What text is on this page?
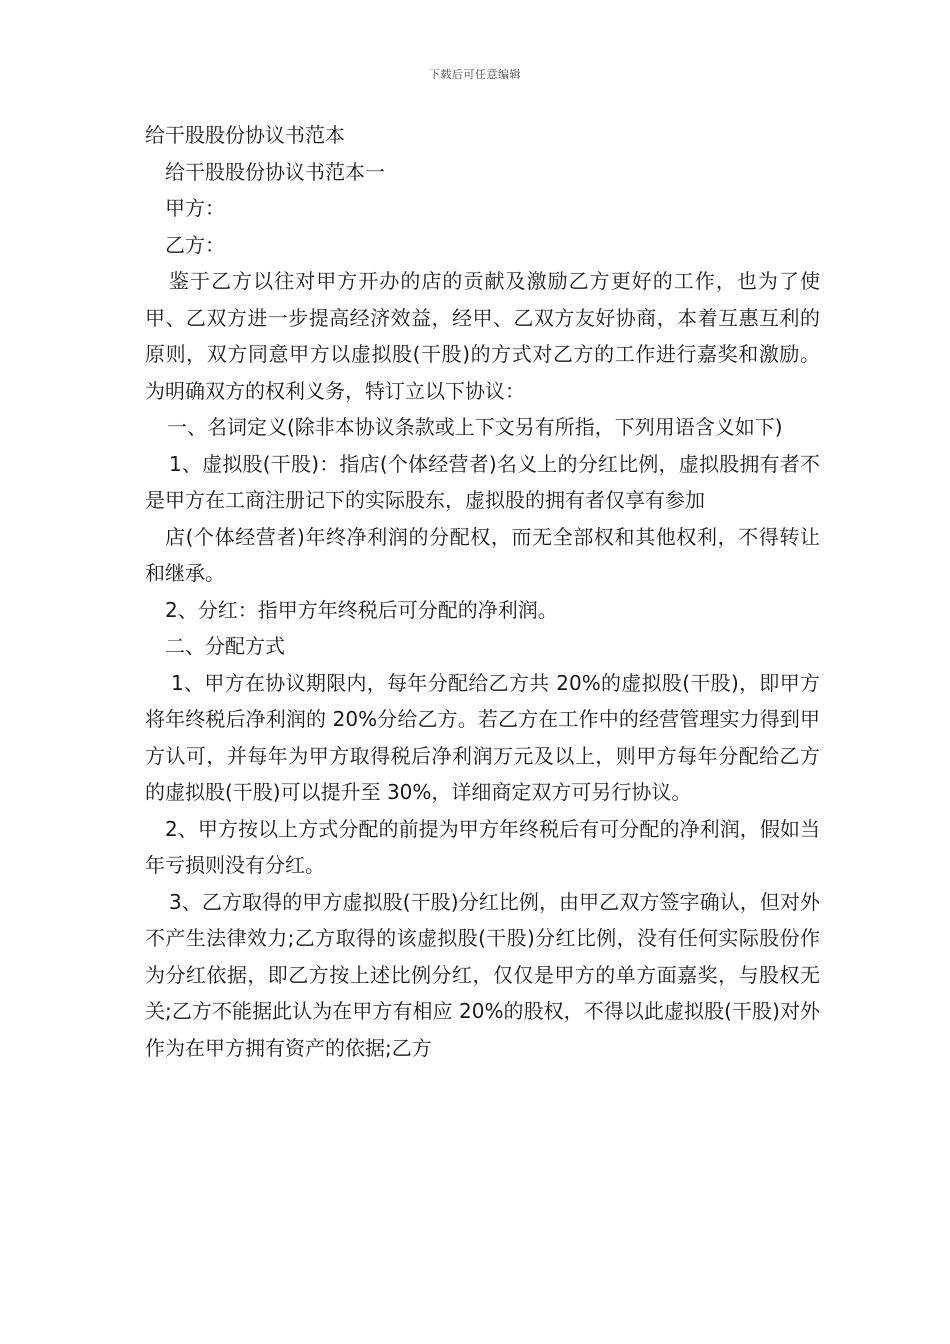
下载后可任意编辑

给干股股份协议书范本

给干股股份协议书范本一

甲方：

乙方：

鉴于乙方以往对甲方开办的店的贡献及激励乙方更好的工作，也为了使甲、乙双方进一步提高经济效益，经甲、乙双方友好协商，本着互惠互利的原则，双方同意甲方以虚拟股(干股)的方式对乙方的工作进行嘉奖和激励。为明确双方的权利义务，特订立以下协议：

一、名词定义(除非本协议条款或上下文另有所指，下列用语含义如下)

1、虚拟股(干股)：指店(个体经营者)名义上的分红比例，虚拟股拥有者不是甲方在工商注册记下的实际股东，虚拟股的拥有者仅享有参加

店(个体经营者)年终净利润的分配权，而无全部权和其他权利，不得转让和继承。

2、分红：指甲方年终税后可分配的净利润。

二、分配方式

1、甲方在协议期限内，每年分配给乙方共 20%的虚拟股(干股)，即甲方将年终税后净利润的 20%分给乙方。若乙方在工作中的经营管理实力得到甲方认可，并每年为甲方取得税后净利润万元及以上，则甲方每年分配给乙方的虚拟股(干股)可以提升至 30%，详细商定双方可另行协议。

2、甲方按以上方式分配的前提为甲方年终税后有可分配的净利润，假如当年亏损则没有分红。

3、乙方取得的甲方虚拟股(干股)分红比例，由甲乙双方签字确认，但对外不产生法律效力;乙方取得的该虚拟股(干股)分红比例，没有任何实际股份作为分红依据，即乙方按上述比例分红，仅仅是甲方的单方面嘉奖，与股权无关;乙方不能据此认为在甲方有相应 20%的股权，不得以此虚拟股(干股)对外作为在甲方拥有资产的依据;乙方
